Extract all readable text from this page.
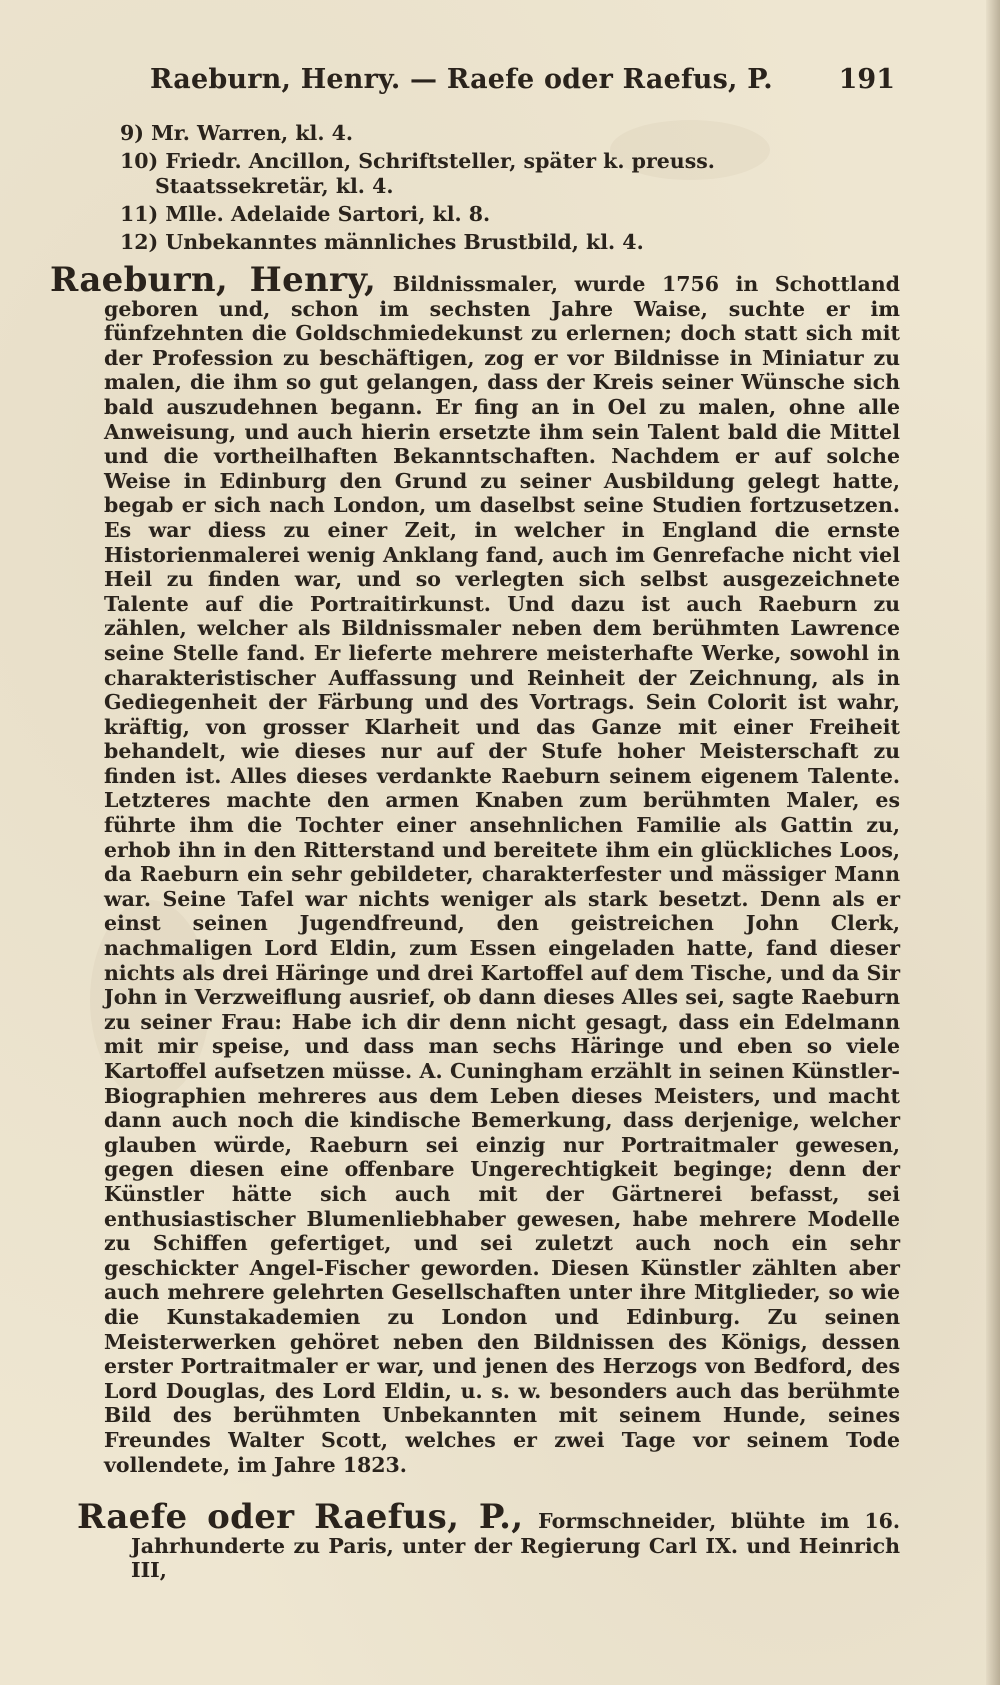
Raeburn, Henry. — Raefe oder Raefus, P. 191
9) Mr. Warren, kl. 4.
10) Friedr. Ancillon, Schriftsteller, später k. preuss. Staatssekretär, kl. 4.
11) Mlle. Adelaide Sartori, kl. 8.
12) Unbekanntes männliches Brustbild, kl. 4.
Raeburn, Henry, Bildnissmaler, wurde 1756 in Schottland geboren und, schon im sechsten Jahre Waise, suchte er im fünfzehnten die Goldschmiedekunst zu erlernen; doch statt sich mit der Profession zu beschäftigen, zog er vor Bildnisse in Miniatur zu malen, die ihm so gut gelangen, dass der Kreis seiner Wünsche sich bald auszudehnen begann. Er fing an in Oel zu malen, ohne alle Anweisung, und auch hierin ersetzte ihm sein Talent bald die Mittel und die vortheilhaften Bekanntschaften. Nachdem er auf solche Weise in Edinburg den Grund zu seiner Ausbildung gelegt hatte, begab er sich nach London, um daselbst seine Studien fortzusetzen. Es war diess zu einer Zeit, in welcher in England die ernste Historienmalerei wenig Anklang fand, auch im Genrefache nicht viel Heil zu finden war, und so verlegten sich selbst ausgezeichnete Talente auf die Portraitirkunst. Und dazu ist auch Raeburn zu zählen, welcher als Bildnissmaler neben dem berühmten Lawrence seine Stelle fand. Er lieferte mehrere meisterhafte Werke, sowohl in charakteristischer Auffassung und Reinheit der Zeichnung, als in Gediegenheit der Färbung und des Vortrags. Sein Colorit ist wahr, kräftig, von grosser Klarheit und das Ganze mit einer Freiheit behandelt, wie dieses nur auf der Stufe hoher Meisterschaft zu finden ist. Alles dieses verdankte Raeburn seinem eigenem Talente. Letzteres machte den armen Knaben zum berühmten Maler, es führte ihm die Tochter einer ansehnlichen Familie als Gattin zu, erhob ihn in den Ritterstand und bereitete ihm ein glückliches Loos, da Raeburn ein sehr gebildeter, charakterfester und mässiger Mann war. Seine Tafel war nichts weniger als stark besetzt. Denn als er einst seinen Jugendfreund, den geistreichen John Clerk, nachmaligen Lord Eldin, zum Essen eingeladen hatte, fand dieser nichts als drei Häringe und drei Kartoffel auf dem Tische, und da Sir John in Verzweiflung ausrief, ob dann dieses Alles sei, sagte Raeburn zu seiner Frau: Habe ich dir denn nicht gesagt, dass ein Edelmann mit mir speise, und dass man sechs Häringe und eben so viele Kartoffel aufsetzen müsse. A. Cuningham erzählt in seinen Künstler-Biographien mehreres aus dem Leben dieses Meisters, und macht dann auch noch die kindische Bemerkung, dass derjenige, welcher glauben würde, Raeburn sei einzig nur Portraitmaler gewesen, gegen diesen eine offenbare Ungerechtigkeit beginge; denn der Künstler hätte sich auch mit der Gärtnerei befasst, sei enthusiastischer Blumenliebhaber gewesen, habe mehrere Modelle zu Schiffen gefertiget, und sei zuletzt auch noch ein sehr geschickter Angel-Fischer geworden. Diesen Künstler zählten aber auch mehrere gelehrten Gesellschaften unter ihre Mitglieder, so wie die Kunstakademien zu London und Edinburg. Zu seinen Meisterwerken gehöret neben den Bildnissen des Königs, dessen erster Portraitmaler er war, und jenen des Herzogs von Bedford, des Lord Douglas, des Lord Eldin, u. s. w. besonders auch das berühmte Bild des berühmten Unbekannten mit seinem Hunde, seines Freundes Walter Scott, welches er zwei Tage vor seinem Tode vollendete, im Jahre 1823.
Raefe oder Raefus, P., Formschneider, blühte im 16. Jahrhunderte zu Paris, unter der Regierung Carl IX. und Heinrich III,
